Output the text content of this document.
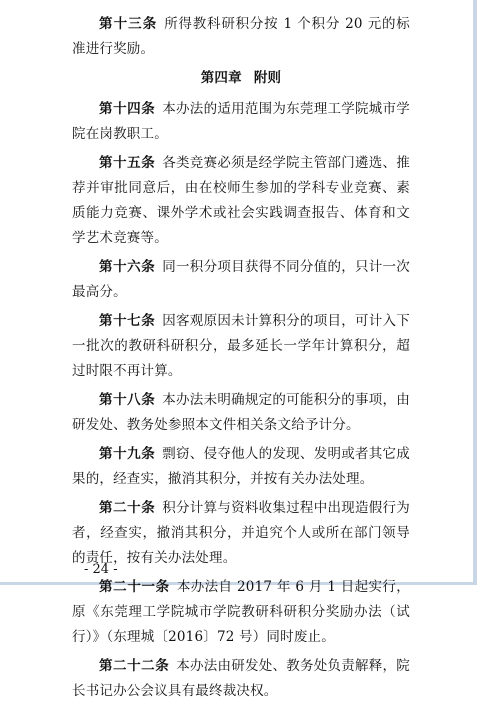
第十三条 所得教科研积分按 1 个积分 20 元的标准进行奖励。

第四章 附则

第十四条 本办法的适用范围为东莞理工学院城市学院在岗教职工。

第十五条 各类竞赛必须是经学院主管部门遴选、推荐并审批同意后，由在校师生参加的学科专业竞赛、素质能力竞赛、课外学术或社会实践调查报告、体育和文学艺术竞赛等。

第十六条 同一积分项目获得不同分值的，只计一次最高分。

第十七条 因客观原因未计算积分的项目，可计入下一批次的教研科研积分，最多延长一学年计算积分，超过时限不再计算。

第十八条 本办法未明确规定的可能积分的事项，由研发处、教务处参照本文件相关条文给予计分。

第十九条 剽窃、侵夺他人的发现、发明或者其它成果的，经查实，撤消其积分，并按有关办法处理。

第二十条 积分计算与资料收集过程中出现造假行为者，经查实，撤消其积分，并追究个人或所在部门领导的责任，按有关办法处理。

第二十一条 本办法自 2017 年 6 月 1 日起实行，原《东莞理工学院城市学院教研科研积分奖励办法（试行）》（东理城〔2016〕72 号）同时废止。

第二十二条 本办法由研发处、教务处负责解释，院长书记办公会议具有最终裁决权。

- 24 -
